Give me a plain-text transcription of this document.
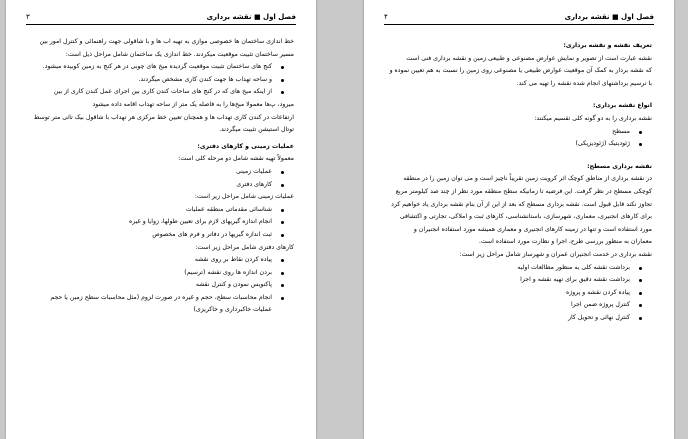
فصل اول ■ نقشه برداری
۳

خط اندازی ساختمان ها خصوصی موازی به تهیه اب ها و با شاقولی جهت راهنمائی و کنترل امور بین

مسیر ساختمان تثبیت موقعیت میکردند. خط اندازی یک ساختمان شامل مراحل ذیل است:

کنج های ساختمان تثبیت موقعیت گردیده میخ های چوبی در هر کنج به زمین کوبیده میشود.
و ساحه تهداب ها جهت کندن کاری مشخص میگردند.
از اینکه میخ های که در کنج های ساحات کندن کاری بین اجرای عمل کندن کاری از بین

میرود، پ‌ها معمولا میخ‌ها را به فاصله یک متر از ساحه تهداب اقامه داده میشود

ارتفاعات در کندن کاری تهداب ها و همچنان تعیین خط مرکزی هر تهداب با شاقول بیک تاثی متر توسط

توتال استیشن تثبیت میگردند.

عملیات زمینی و کارهای دفتری:

معمولاً تهیه نقشه شامل دو مرحله کلی است:

عملیات زمینی
کارهای دفتری

عملیات زمینی شامل مراحل زیر است:

شناسائی مقدماتی منطقه عملیات
انجام اندازه گیریهای لازم برای تعیین طولها، زوایا و غیره
ثبت اندازه گیریها در دفاتر و فرم های مخصوص

کارهای دفتری شامل مراحل زیر است:

پیاده کردن نقاط بر روی نقشه
بردن اندازه ها روی نقشه (ترسیم)
پاکنویس نمودن و کنترل نقشه
انجام محاسبات سطح، حجم و غیره در صورت لزوم (مثل محاسبات سطح زمین یا حجم

عملیات خاکبرداری و خاکریزی)

فصل اول ■ نقشه برداری
۴

تعریف نقشه و نقشه برداری:

نقشه عبارت است از تصویر و نمایش عوارض مصنوعی و طبیعی زمین و نقشه برداری فنی است

که نقشه بردار به کمک آن موقعیت عوارض طبیعی یا مصنوعی روی زمین را نسبت به هم تعیین نموده و

با ترسیم برداشتهای انجام شده نقشه را تهیه می کند.

انواع نقشه برداری:

نقشه برداری را به دو گونه کلی تقسیم میکنند:

مسطح
ژئودیتیک (ژئودیزیکی)

نقشه برداری مسطح:

در نقشه برداری از مناطق کوچک اثر کرویت زمین تقریباً ناچیز است و می توان زمین را در منطقه

کوچکی مسطح در نظر گرفت. این فرضیه تا زمانیکه سطح منطقه مورد نظر از چند صد کیلومتر مربع

تجاوز نکند قابل قبول است. نقشه برداری مسطح که بعد از این از آن بنام نقشه برداری یاد خواهیم کرد

برای کارهای انجنیری، معماری، شهرسازی، باستانشناسی، کارهای ثبت و املاکی، تجارتی و اکتشافی

مورد استفاده است و تنها در زمینه کارهای انجنیری و معماری همیشه مورد استفاده انجنیران و

معماران به منظور بررسی طرح، اجرا و نظارت مورد استفاده است.

نقشه برداری در خدمت انجنیران عمران و شهرساز شامل مراحل زیر است:

برداشت نقشه کلی به منظور مطالعات اولیه
برداشت نقشه دقیق برای تهیه نقشه و اجرا
پیاده کردن نقشه و پروژه
کنترل پروژه ضمن اجرا
کنترل نهائی و تحویل کار
